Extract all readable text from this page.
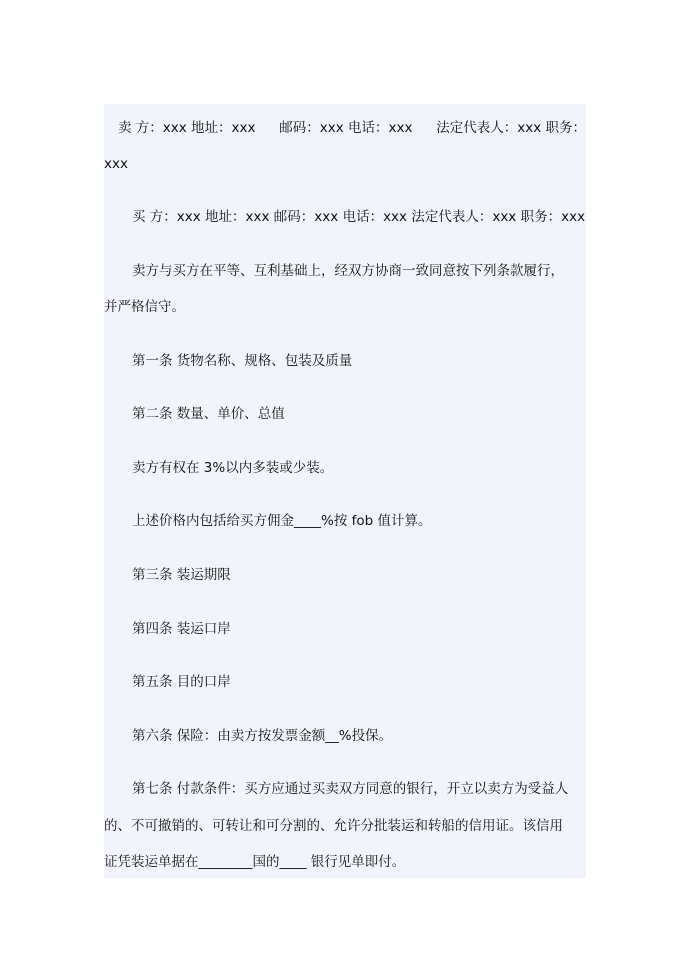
卖 方：xxx 地址：xxx 邮码：xxx 电话：xxx 法定代表人：xxx 职务：

xxx

买 方：xxx 地址：xxx 邮码：xxx 电话：xxx 法定代表人：xxx 职务：xxx

卖方与买方在平等、互利基础上，经双方协商一致同意按下列条款履行，

并严格信守。

第一条 货物名称、规格、包装及质量

第二条 数量、单价、总值

卖方有权在 3%以内多装或少装。

上述价格内包括给买方佣金____%按 fob 值计算。

第三条 装运期限

第四条 装运口岸

第五条 目的口岸

第六条 保险：由卖方按发票金额__%投保。

第七条 付款条件：买方应通过买卖双方同意的银行，开立以卖方为受益人

的、不可撤销的、可转让和可分割的、允许分批装运和转船的信用证。该信用

证凭装运单据在________国的____ 银行见单即付。
